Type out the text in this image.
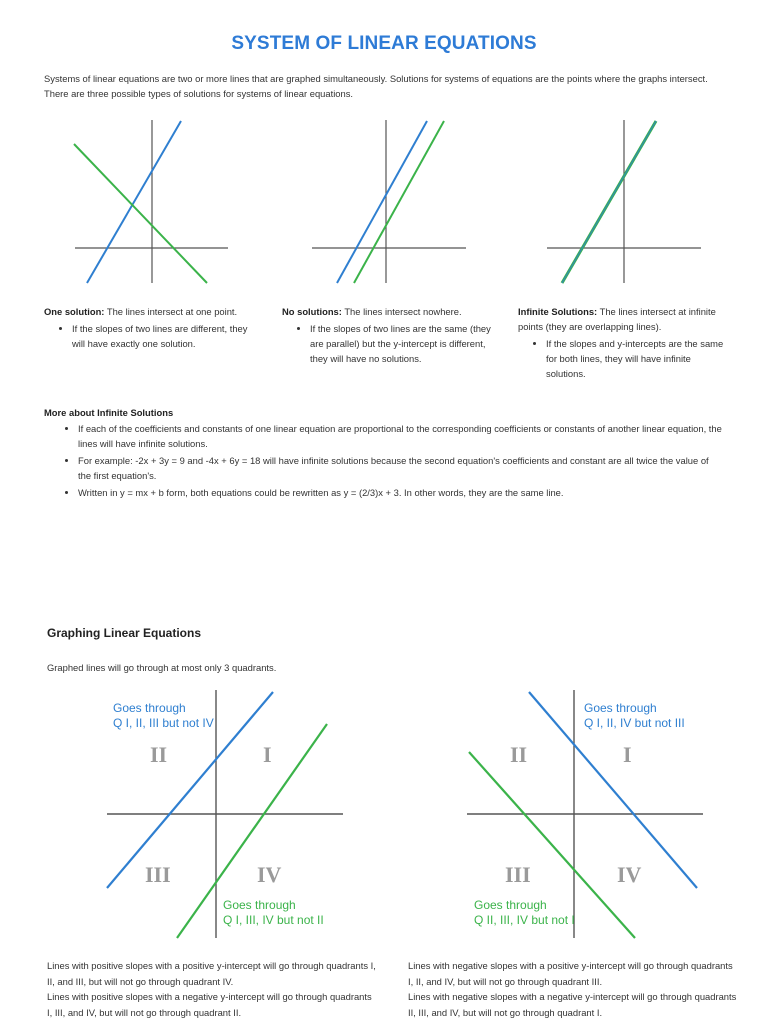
SYSTEM OF LINEAR EQUATIONS
Systems of linear equations are two or more lines that are graphed simultaneously. Solutions for systems of equations are the points where the graphs intersect. There are three possible types of solutions for systems of linear equations.
One solution: The lines intersect at one point.
• If the slopes of two lines are different, they will have exactly one solution.
No solutions: The lines intersect nowhere.
• If the slopes of two lines are the same (they are parallel) but the y-intercept is different, they will have no solutions.
Infinite Solutions: The lines intersect at infinite points (they are overlapping lines).
• If the slopes and y-intercepts are the same for both lines, they will have infinite solutions.
More about Infinite Solutions
• If each of the coefficients and constants of one linear equation are proportional to the corresponding coefficients or constants of another linear equation, the lines will have infinite solutions.
• For example: -2x + 3y = 9 and -4x + 6y = 18 will have infinite solutions because the second equation's coefficients and constant are all twice the value of the first equation's.
• Written in y = mx + b form, both equations could be rewritten as y = (2/3)x + 3. In other words, they are the same line.
Graphing Linear Equations
Graphed lines will go through at most only 3 quadrants.
II	I
III	IV
Goes through
Q I, II, III but not IV
Goes through
Q I, III, IV but not II
II	I
III	IV
Goes through
Q I, II, IV but not III
Goes through
Q II, III, IV but not I
Lines with positive slopes with a positive y-intercept will go through quadrants I, II, and III, but will not go through quadrant IV.
Lines with positive slopes with a negative y-intercept will go through quadrants I, III, and IV, but will not go through quadrant II.
Lines with negative slopes with a positive y-intercept will go through quadrants I, II, and IV, but will not go through quadrant III.
Lines with negative slopes with a negative y-intercept will go through quadrants II, III, and IV, but will not go through quadrant I.
